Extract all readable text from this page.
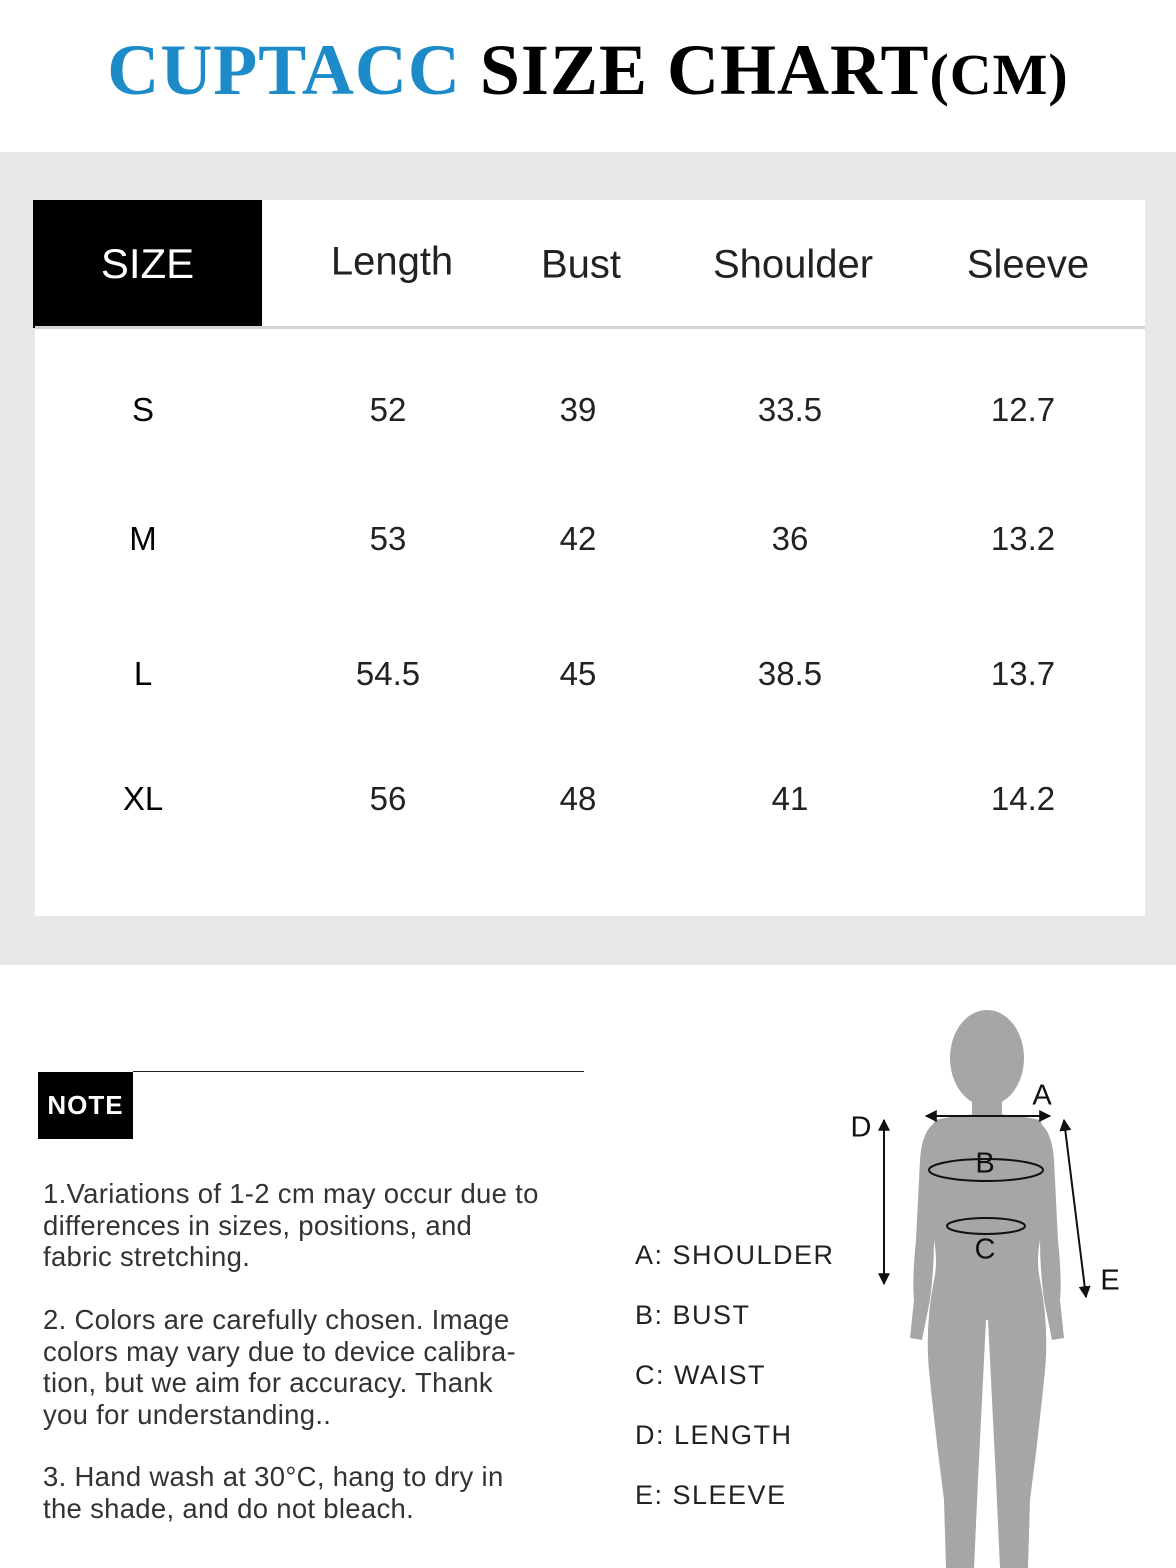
CUPTACC SIZE CHART(CM)
SIZE	Length Bust Shoulder Sleeve
S	52	39	33.5	12.7
M	53	42	36	13.2
L	54.5	45	38.5	13.7
XL	56	48	41	14.2
NOTE
1.Variations of 1-2 cm may occur due to
differences in sizes, positions, and
fabric stretching.
2. Colors are carefully chosen. Image
colors may vary due to device calibra-
tion, but we aim for accuracy. Thank
you for understanding..
3. Hand wash at 30°C, hang to dry in
the shade, and do not bleach.
A: SHOULDER
B: BUST
C: WAIST
D: LENGTH
E: SLEEVE
A
B
C
D
E
